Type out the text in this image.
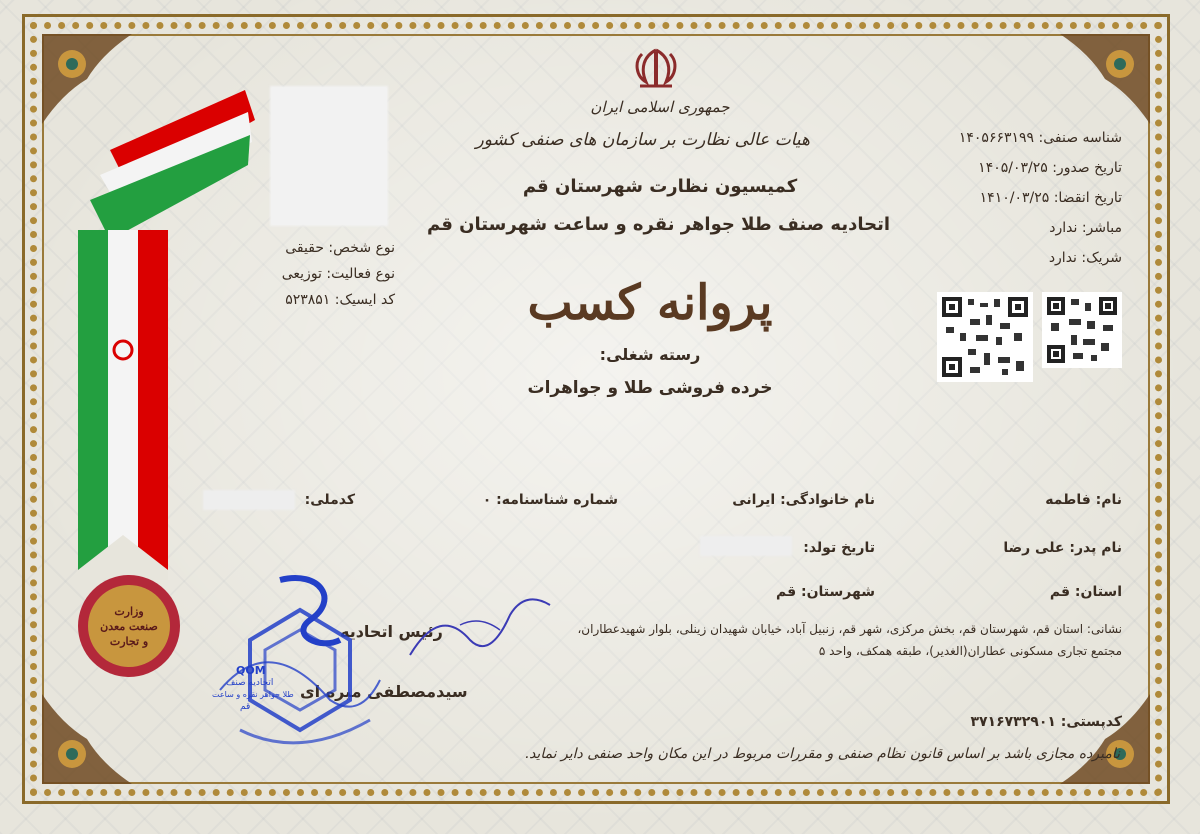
وزارت
صنعت معدن
و تجارت
جمهوری اسلامی ایران
هیات عالی نظارت بر سازمان های صنفی کشور
کمیسیون نظارت شهرستان قم
اتحادیه صنف طلا جواهر نقره و ساعت شهرستان قم
پروانه کسب
رسته شغلی:
خرده فروشی طلا و جواهرات
شناسه صنفی: ۱۴۰۵۶۶۳۱۹۹
تاریخ صدور: ۱۴۰۵/۰۳/۲۵
تاریخ انقضا: ۱۴۱۰/۰۳/۲۵
مباشر: ندارد
شریک: ندارد
نوع شخص: حقیقی
نوع فعالیت: توزیعی
کد ایسیک: ۵۲۳۸۵۱
نام: فاطمه
نام خانوادگی: ایرانی
شماره شناسنامه: ۰
کدملی:
نام پدر: علی رضا
تاریخ تولد:
استان: قم
شهرستان: قم
نشانی: استان قم، شهرستان قم، بخش مرکزی، شهر قم، زنبیل آباد، خیابان شهیدان زینلی، بلوار شهیدعطاران،
مجتمع تجاری مسکونی عطاران(الغدیر)، طبقه همکف، واحد ۵
کدپستی: ۳۷۱۶۷۳۲۹۰۱
رئیس اتحادیه
سیدمصطفی میره ای
QOM
اتحادیه صنف
طلا جواهر نقره و ساعت
قم
نامبرده مجازی باشد بر اساس قانون نظام صنفی و مقررات مربوط در این مکان واحد صنفی دایر نماید.
